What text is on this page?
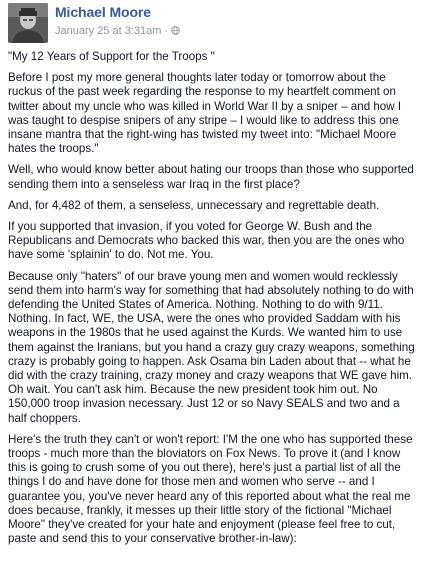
Michael Moore
January 25 at 3:31am ·

"My 12 Years of Support for the Troops "

Before I post my more general thoughts later today or tomorrow about the ruckus of the past week regarding the response to my heartfelt comment on twitter about my uncle who was killed in World War II by a sniper – and how I was taught to despise snipers of any stripe – I would like to address this one insane mantra that the right-wing has twisted my tweet into: "Michael Moore hates the troops."

Well, who would know better about hating our troops than those who supported sending them into a senseless war Iraq in the first place?

And, for 4,482 of them, a senseless, unnecessary and regrettable death.

If you supported that invasion, if you voted for George W. Bush and the Republicans and Democrats who backed this war, then you are the ones who have some 'splainin' to do. Not me. You.

Because only "haters" of our brave young men and women would recklessly send them into harm's way for something that had absolutely nothing to do with defending the United States of America. Nothing. Nothing to do with 9/11. Nothing. In fact, WE, the USA, were the ones who provided Saddam with his weapons in the 1980s that he used against the Kurds. We wanted him to use them against the Iranians, but you hand a crazy guy crazy weapons, something crazy is probably going to happen. Ask Osama bin Laden about that -- what he did with the crazy training, crazy money and crazy weapons that WE gave him. Oh wait. You can't ask him. Because the new president took him out. No 150,000 troop invasion necessary. Just 12 or so Navy SEALS and two and a half choppers.

Here's the truth they can't or won't report: I'M the one who has supported these troops - much more than the bloviators on Fox News. To prove it (and I know this is going to crush some of you out there), here's just a partial list of all the things I do and have done for those men and women who serve -- and I guarantee you, you've never heard any of this reported about what the real me does because, frankly, it messes up their little story of the fictional "Michael Moore" they've created for your hate and enjoyment (please feel free to cut, paste and send this to your conservative brother-in-law):
